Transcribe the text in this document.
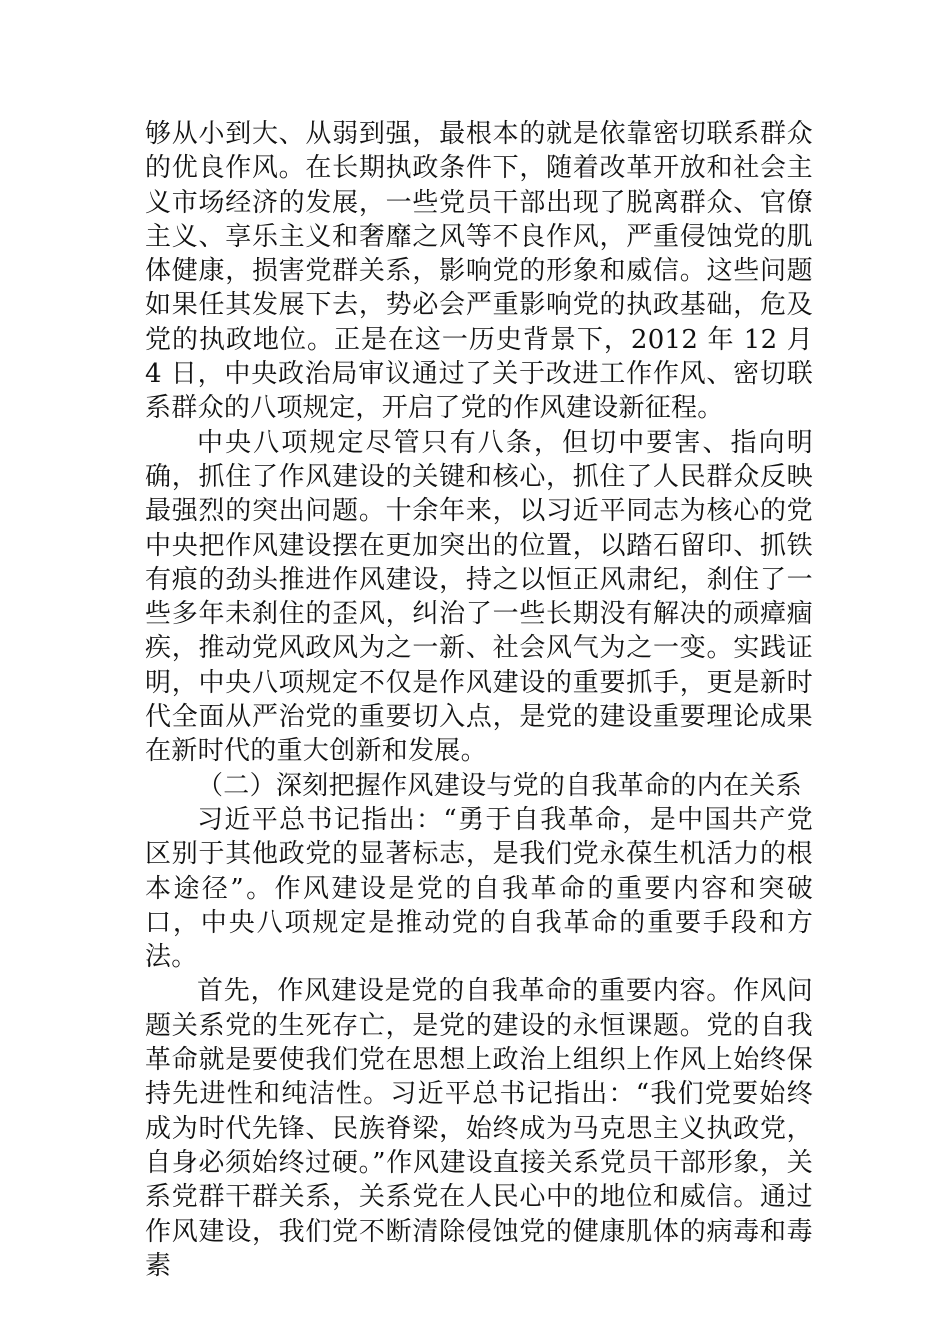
够从小到大、从弱到强，最根本的就是依靠密切联系群众的优良作风。在长期执政条件下，随着改革开放和社会主义市场经济的发展，一些党员干部出现了脱离群众、官僚主义、享乐主义和奢靡之风等不良作风，严重侵蚀党的肌体健康，损害党群关系，影响党的形象和威信。这些问题如果任其发展下去，势必会严重影响党的执政基础，危及党的执政地位。正是在这一历史背景下，2012 年 12 月 4 日，中央政治局审议通过了关于改进工作作风、密切联系群众的八项规定，开启了党的作风建设新征程。

中央八项规定尽管只有八条，但切中要害、指向明确，抓住了作风建设的关键和核心，抓住了人民群众反映最强烈的突出问题。十余年来，以习近平同志为核心的党中央把作风建设摆在更加突出的位置，以踏石留印、抓铁有痕的劲头推进作风建设，持之以恒正风肃纪，刹住了一些多年未刹住的歪风，纠治了一些长期没有解决的顽瘴痼疾，推动党风政风为之一新、社会风气为之一变。实践证明，中央八项规定不仅是作风建设的重要抓手，更是新时代全面从严治党的重要切入点，是党的建设重要理论成果在新时代的重大创新和发展。

（二）深刻把握作风建设与党的自我革命的内在关系

习近平总书记指出：“勇于自我革命，是中国共产党区别于其他政党的显著标志，是我们党永葆生机活力的根本途径”。作风建设是党的自我革命的重要内容和突破口，中央八项规定是推动党的自我革命的重要手段和方法。

首先，作风建设是党的自我革命的重要内容。作风问题关系党的生死存亡，是党的建设的永恒课题。党的自我革命就是要使我们党在思想上政治上组织上作风上始终保持先进性和纯洁性。习近平总书记指出：“我们党要始终成为时代先锋、民族脊梁，始终成为马克思主义执政党，自身必须始终过硬。”作风建设直接关系党员干部形象，关系党群干群关系，关系党在人民心中的地位和威信。通过作风建设，我们党不断清除侵蚀党的健康肌体的病毒和毒素
